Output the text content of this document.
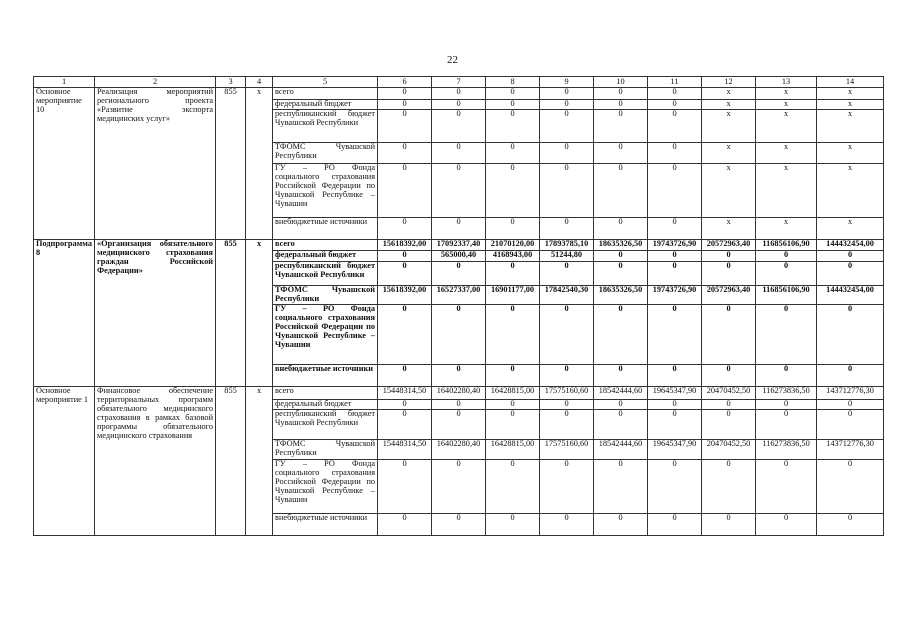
22
1	2	3	4	5	6	7	8	9	10	11	12	13	14
Основное мероприятие 10	Реализация мероприятий регионального проекта «Развитие экспорта медицинских услуг»	855	x	всего	0	0	0	0	0	0	x	x	x
				федеральный бюджет	0	0	0	0	0	0	x	x	x
				республиканский бюджет Чувашской Республики	0	0	0	0	0	0	x	x	x
				ТФОМС Чувашской Республики	0	0	0	0	0	0	x	x	x
				ГУ – РО Фонда социального страхования Российской Федерации по Чувашской Республике – Чувашии	0	0	0	0	0	0	x	x	x
				внебюджетные источники	0	0	0	0	0	0	x	x	x
Подпрограмма 8	«Организация обязательного медицинского страхования граждан Российской Федерации»	855	x	всего	15618392,00	17092337,40	21070120,00	17893785,10	18635326,50	19743726,90	20572963,40	116856106,90	144432454,00
				федеральный бюджет	0	565000,40	4168943,00	51244,80	0	0	0	0	0
				республиканский бюджет Чувашской Республики	0	0	0	0	0	0	0	0	0
				ТФОМС Чувашской Республики	15618392,00	16527337,00	16901177,00	17842540,30	18635326,50	19743726,90	20572963,40	116856106,90	144432454,00
				ГУ – РО Фонда социального страхования Российской Федерации по Чувашской Республике – Чувашии	0	0	0	0	0	0	0	0	0
				внебюджетные источники	0	0	0	0	0	0	0	0	0
Основное мероприятие 1	Финансовое обеспечение территориальных программ обязательного медицинского страхования в рамках базовой программы обязательного медицинского страхования	855	x	всего	15448314,50	16402280,40	16428815,00	17575160,60	18542444,60	19645347,90	20470452,50	116273836,50	143712776,30
				федеральный бюджет	0	0	0	0	0	0	0	0	0
				республиканский бюджет Чувашской Республики	0	0	0	0	0	0	0	0	0
				ТФОМС Чувашской Республики	15448314,50	16402280,40	16428815,00	17575160,60	18542444,60	19645347,90	20470452,50	116273836,50	143712776,30
				ГУ – РО Фонда социального страхования Российской Федерации по Чувашской Республике – Чувашии	0	0	0	0	0	0	0	0	0
				внебюджетные источники	0	0	0	0	0	0	0	0	0
